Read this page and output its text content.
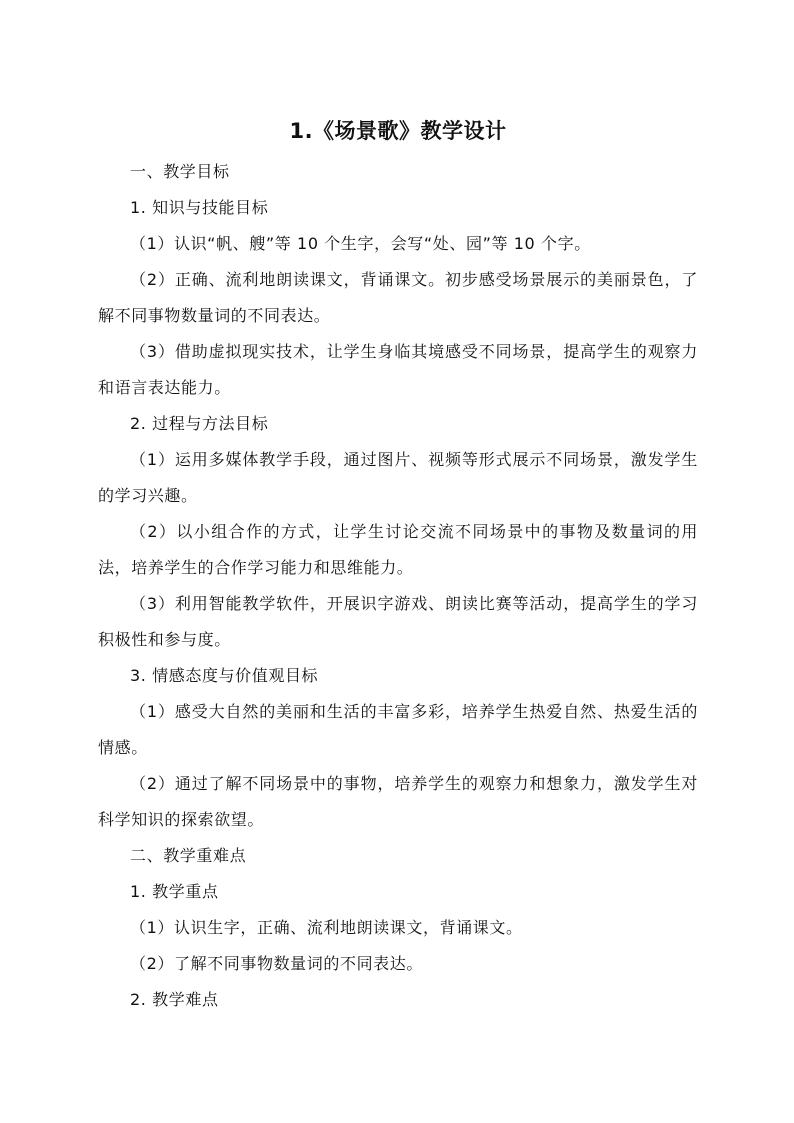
1.《场景歌》教学设计

一、教学目标

1. 知识与技能目标

（1）认识“帆、艘”等 10 个生字，会写“处、园”等 10 个字。

（2）正确、流利地朗读课文，背诵课文。初步感受场景展示的美丽景色，了解不同事物数量词的不同表达。

（3）借助虚拟现实技术，让学生身临其境感受不同场景，提高学生的观察力和语言表达能力。

2. 过程与方法目标

（1）运用多媒体教学手段，通过图片、视频等形式展示不同场景，激发学生的学习兴趣。

（2）以小组合作的方式，让学生讨论交流不同场景中的事物及数量词的用法，培养学生的合作学习能力和思维能力。

（3）利用智能教学软件，开展识字游戏、朗读比赛等活动，提高学生的学习积极性和参与度。

3. 情感态度与价值观目标

（1）感受大自然的美丽和生活的丰富多彩，培养学生热爱自然、热爱生活的情感。

（2）通过了解不同场景中的事物，培养学生的观察力和想象力，激发学生对科学知识的探索欲望。

二、教学重难点

1. 教学重点

（1）认识生字，正确、流利地朗读课文，背诵课文。

（2）了解不同事物数量词的不同表达。

2. 教学难点
